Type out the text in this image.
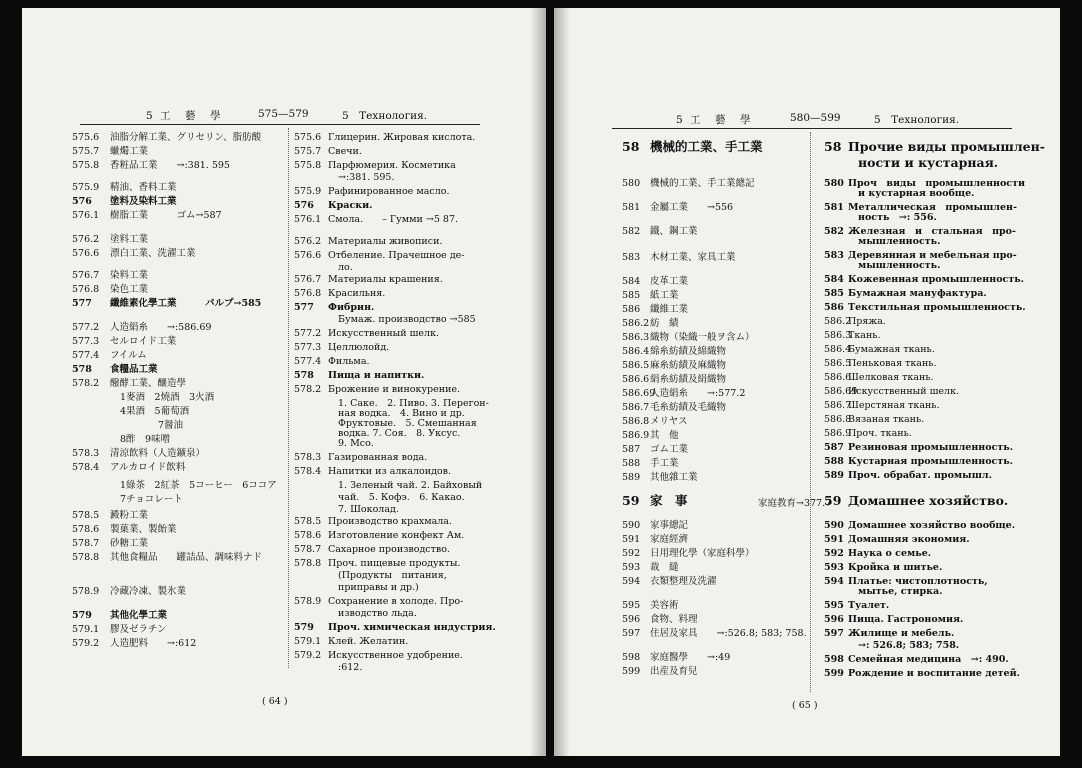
5 工　藝　學	575—579	5　Технология.
575.6 油脂分解工業、グリセリン、脂肪酸
575.7 蠟燭工業
575.8 香粧品工業　　→:381. 595
575.9 精油、香料工業
576 塗料及染料工業
576.1 樹脂工業　　　ゴム→587
576.2 塗料工業
576.6 漂白工業、洗濯工業
576.7 染料工業
576.8 染色工業
577 纖維素化學工業　　　パルプ→585
577.2 人造絹糸　　→:586.69
577.3 セルロイド工業
577.4 フイルム
578 食糧品工業
578.2 醱酵工業、釀造學
1麥酒　2燒酒　3火酒
4果酒　5葡萄酒
　　　　7醤油
8酢　9味噌
578.3 清涼飲料（人造鑛泉）
578.4 アルカロイド飲料
1綠茶　2紅茶　5コーヒー　6ココア
7チョコレート
578.5 澱粉工業
578.6 製菓業、製飴業
578.7 砂糖工業
578.8 其他食糧品　　罐詰品、調味料ナド
578.9 冷藏冷凍、製氷業
579 其他化學工業
579.1 膠及ゼラチン
579.2 人造肥料　　→:612
575.6 Глицерин. Жировая кислота.
575.7 Свечи.
575.8 Парфюмерия. Косметика
→:381. 595.
575.9 Рафинированное масло.
576 Краски.
576.1 Смола.　　– Гумми →5 87.
576.2 Материалы живописи.
576.6 Отбеление. Прачешное де-
ло.
576.7 Материалы крашения.
576.8 Красильня.
577 Фибрин.
Бумаж. производство →585
577.2 Искусственный шелк.
577.3 Целлюлойд.
577.4 Фильма.
578 Пища и напитки.
578.2 Брожение и винокурение.
1. Саке.　2. Пиво. 3. Перегон-
ная водка.　4. Вино и др.
Фруктовые.　5. Смешанная
водка. 7. Соя.　8. Уксус.
9. Мсо.
578.3 Газированная вода.
578.4 Напитки из алкалоидов.
1. Зеленый чай. 2. Байховый
чай.　5. Кофэ.　6. Какао.
7. Шоколад.
578.5 Производство крахмала.
578.6 Изготовление конфект Ам.
578.7 Сахарное производство.
578.8 Проч. пищевые продукты.
(Продукты　питания,
приправы и др.)
578.9 Сохранение в холоде. Про-
изводство льда.
579 Проч. химическая индустрия.
579.1 Клей. Желатин.
579.2 Искусственное удобрение.
:612.
( 64 )
5 工　藝　學	580—599	5　Технология.
58 機械的工業、手工業
580 機械的工業、手工業總記
581 金屬工業　　→556
582 鐵、鋼工業
583 木材工業、家具工業
584 皮革工業
585 紙工業
586 纖維工業
586.2紡　績
586.3織物（染織一般ヲ含ム）
586.4綿糸紡績及綿織物
586.5麻糸紡績及麻織物
586.6絹糸紡績及絹織物
586.69人造絹糸　　→:577.2
586.7毛糸紡績及毛織物
586.8メリヤス
586.9其　他
587 ゴム工業
588 手工業
589 其他雜工業
59 家　事	家庭教育→377.7
590 家事總記
591 家庭經濟
592 日用理化學（家庭科學）
593 裁　縫
594 衣類整理及洗濯
595 美容術
596 食物、料理
597 住居及家具　　→:526.8; 583; 758.
598 家庭醫學　　→:49
599 出産及育兒
58 Прочие виды промышлен-
ности и кустарная.
580 Проч　виды　промышленности
и кустарная вообще.
581 Металлическая　промышлен-
ность　→: 556.
582 Железная　и　стальная　про-
мышленность.
583 Деревянная и мебельная про-
мышленность.
584 Кожевенная промышленность.
585 Бумажная мануфактура.
586 Текстильная промышленность.
586.2Пряжа.
586.3Ткань.
586.4Бумажная ткань.
586.5Пеньковая ткань.
586.6Шелковая ткань.
586.69Искусственный шелк.
586.7Шерстяная ткань.
586.8Вязаная ткань.
586.9Проч. ткань.
587 Резиновая промышленность.
588 Кустарная промышленность.
589 Проч. обрабат. промышл.
59 Домашнее хозяйство.
590 Домашнее хозяйство вообще.
591 Домашняя экономия.
592 Наука о семье.
593 Кройка и шитье.
594 Платье: чистоплотность,
мытье, стирка.
595 Туалет.
596 Пища. Гастрономия.
597 Жилище и мебель.
→: 526.8; 583; 758.
598 Семейная медицина　→: 490.
599 Рождение и воспитание детей.
( 65 )
